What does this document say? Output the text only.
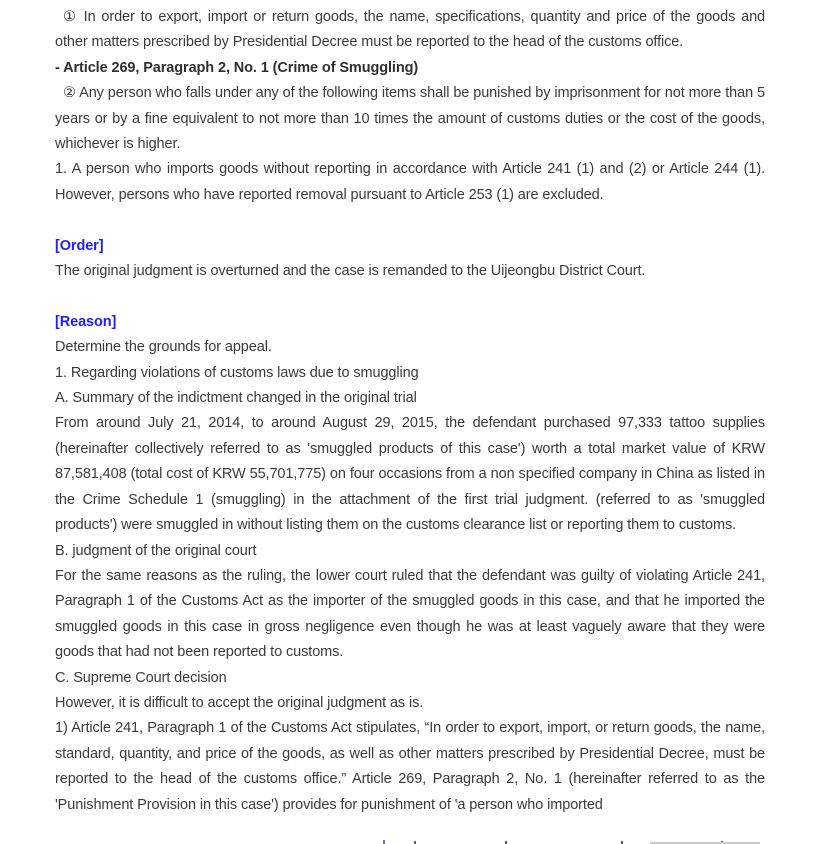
① In order to export, import or return goods, the name, specifications, quantity and price of the goods and other matters prescribed by Presidential Decree must be reported to the head of the customs office.

- Article 269, Paragraph 2, No. 1 (Crime of Smuggling)

② Any person who falls under any of the following items shall be punished by imprisonment for not more than 5 years or by a fine equivalent to not more than 10 times the amount of customs duties or the cost of the goods, whichever is higher.

1. A person who imports goods without reporting in accordance with Article 241 (1) and (2) or Article 244 (1). However, persons who have reported removal pursuant to Article 253 (1) are excluded.

[Order]

The original judgment is overturned and the case is remanded to the Uijeongbu District Court.

[Reason]

Determine the grounds for appeal.

1. Regarding violations of customs laws due to smuggling

A. Summary of the indictment changed in the original trial

From around July 21, 2014, to around August 29, 2015, the defendant purchased 97,333 tattoo supplies (hereinafter collectively referred to as 'smuggled products of this case') worth a total market value of KRW 87,581,408 (total cost of KRW 55,701,775) on four occasions from a non specified company in China as listed in the Crime Schedule 1 (smuggling) in the attachment of the first trial judgment. (referred to as 'smuggled products') were smuggled in without listing them on the customs clearance list or reporting them to customs.

B. judgment of the original court

For the same reasons as the ruling, the lower court ruled that the defendant was guilty of violating Article 241, Paragraph 1 of the Customs Act as the importer of the smuggled goods in this case, and that he imported the smuggled goods in this case in gross negligence even though he was at least vaguely aware that they were goods that had not been reported to customs.

C. Supreme Court decision

However, it is difficult to accept the original judgment as is.

1) Article 241, Paragraph 1 of the Customs Act stipulates, “In order to export, import, or return goods, the name, standard, quantity, and price of the goods, as well as other matters prescribed by Presidential Decree, must be reported to the head of the customs office.” Article 269, Paragraph 2, No. 1 (hereinafter referred to as the 'Punishment Provision in this case') provides for punishment of 'a person who imported
